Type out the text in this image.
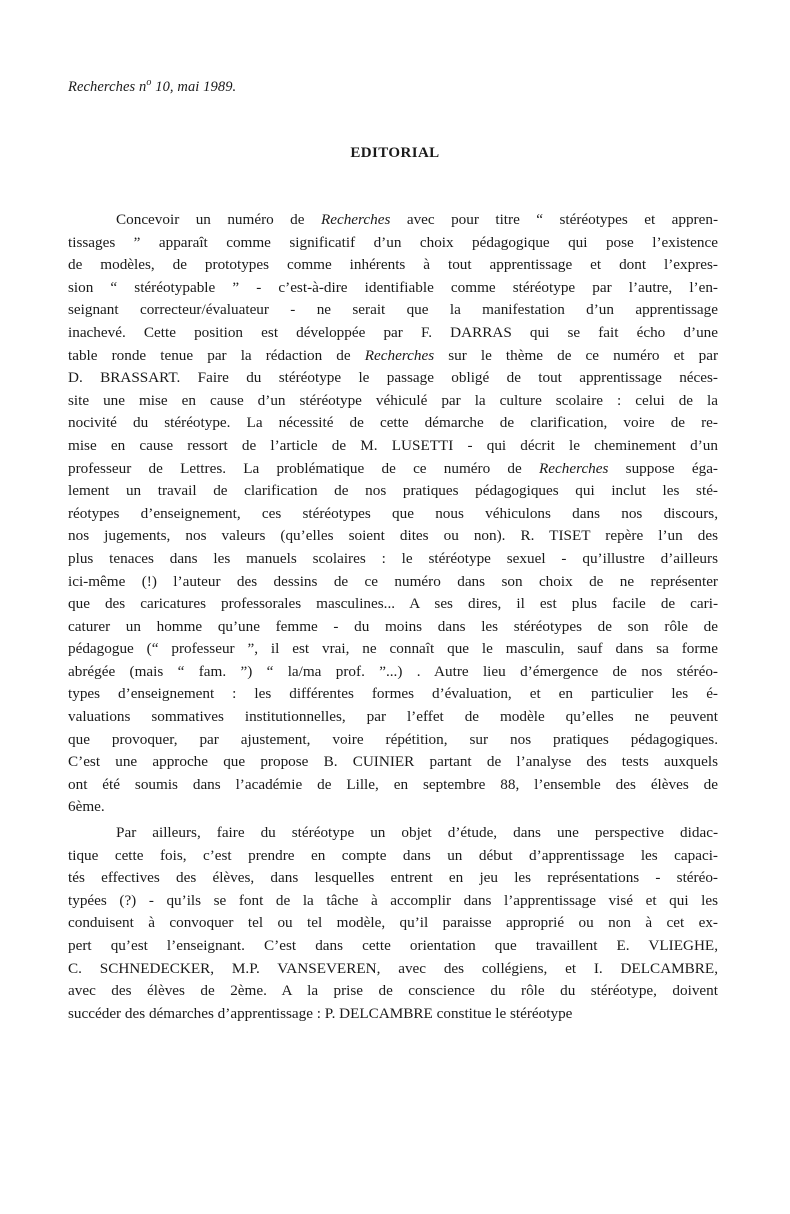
Recherches $n^o$ 10, mai 1989.
EDITORIAL
Concevoir un numéro de Recherches avec pour titre “ stéréotypes et appren-
tissages ” apparaît comme significatif d’un choix pédagogique qui pose l’existence
de modèles, de prototypes comme inhérents à tout apprentissage et dont l’expres-
sion “ stéréotypable ” - c’est-à-dire identifiable comme stéréotype par l’autre, l’en-
seignant correcteur/évaluateur - ne serait que la manifestation d’un apprentissage
inachevé. Cette position est développée par F. DARRAS qui se fait écho d’une
table ronde tenue par la rédaction de Recherches sur le thème de ce numéro et par
D. BRASSART. Faire du stéréotype le passage obligé de tout apprentissage néces-
site une mise en cause d’un stéréotype véhiculé par la culture scolaire : celui de la
nocivité du stéréotype. La nécessité de cette démarche de clarification, voire de re-
mise en cause ressort de l’article de M. LUSETTI - qui décrit le cheminement d’un
professeur de Lettres. La problématique de ce numéro de Recherches suppose éga-
lement un travail de clarification de nos pratiques pédagogiques qui inclut les sté-
réotypes d’enseignement, ces stéréotypes que nous véhiculons dans nos discours,
nos jugements, nos valeurs (qu’elles soient dites ou non). R. TISET repère l’un des
plus tenaces dans les manuels scolaires : le stéréotype sexuel - qu’illustre d’ailleurs
ici-même (!) l’auteur des dessins de ce numéro dans son choix de ne représenter
que des caricatures professorales masculines... A ses dires, il est plus facile de cari-
caturer un homme qu’une femme - du moins dans les stéréotypes de son rôle de
pédagogue (“ professeur ”, il est vrai, ne connaît que le masculin, sauf dans sa forme
abrégée (mais “ fam. ”) “ la/ma prof. ”...) . Autre lieu d’émergence de nos stéréo-
types d’enseignement : les différentes formes d’évaluation, et en particulier les é-
valuations sommatives institutionnelles, par l’effet de modèle qu’elles ne peuvent
que provoquer, par ajustement, voire répétition, sur nos pratiques pédagogiques.
C’est une approche que propose B. CUINIER partant de l’analyse des tests auxquels
ont été soumis dans l’académie de Lille, en septembre 88, l’ensemble des élèves de
6ème.
Par ailleurs, faire du stéréotype un objet d’étude, dans une perspective didac-
tique cette fois, c’est prendre en compte dans un début d’apprentissage les capaci-
tés effectives des élèves, dans lesquelles entrent en jeu les représentations - stéréo-
typées (?) - qu’ils se font de la tâche à accomplir dans l’apprentissage visé et qui les
conduisent à convoquer tel ou tel modèle, qu’il paraisse approprié ou non à cet ex-
pert qu’est l’enseignant. C’est dans cette orientation que travaillent E. VLIEGHE,
C. SCHNEDECKER, M.P. VANSEVEREN, avec des collégiens, et I. DELCAMBRE,
avec des élèves de 2ème. A la prise de conscience du rôle du stéréotype, doivent
succéder des démarches d’apprentissage : P. DELCAMBRE constitue le stéréotype
